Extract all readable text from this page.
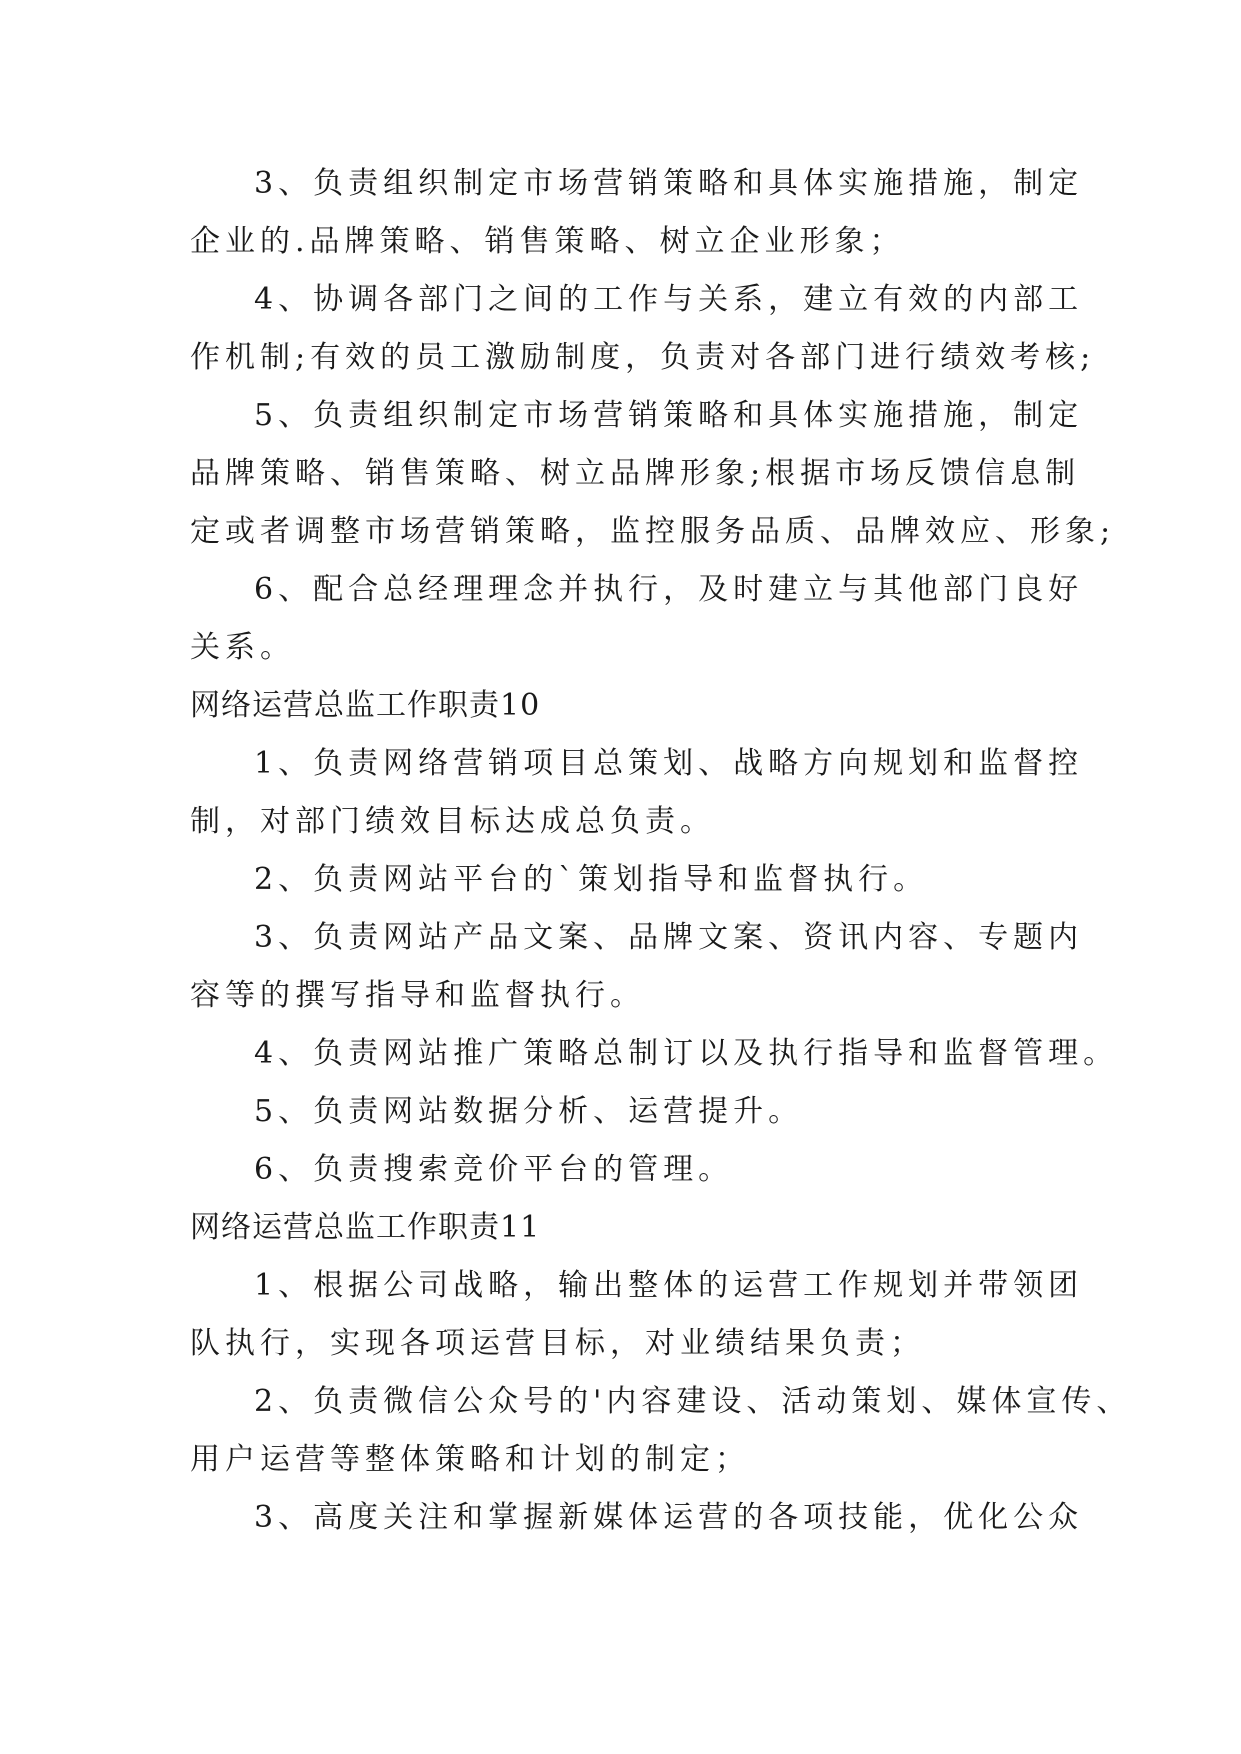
3、负责组织制定市场营销策略和具体实施措施，制定
企业的.品牌策略、销售策略、树立企业形象；
4、协调各部门之间的工作与关系，建立有效的内部工
作机制;有效的员工激励制度，负责对各部门进行绩效考核;
5、负责组织制定市场营销策略和具体实施措施，制定
品牌策略、销售策略、树立品牌形象;根据市场反馈信息制
定或者调整市场营销策略，监控服务品质、品牌效应、形象;
6、配合总经理理念并执行，及时建立与其他部门良好
关系。
网络运营总监工作职责10
1、负责网络营销项目总策划、战略方向规划和监督控
制，对部门绩效目标达成总负责。
2、负责网站平台的`策划指导和监督执行。
3、负责网站产品文案、品牌文案、资讯内容、专题内
容等的撰写指导和监督执行。
4、负责网站推广策略总制订以及执行指导和监督管理。
5、负责网站数据分析、运营提升。
6、负责搜索竞价平台的管理。
网络运营总监工作职责11
1、根据公司战略，输出整体的运营工作规划并带领团
队执行，实现各项运营目标，对业绩结果负责；
2、负责微信公众号的'内容建设、活动策划、媒体宣传、
用户运营等整体策略和计划的制定；
3、高度关注和掌握新媒体运营的各项技能，优化公众
